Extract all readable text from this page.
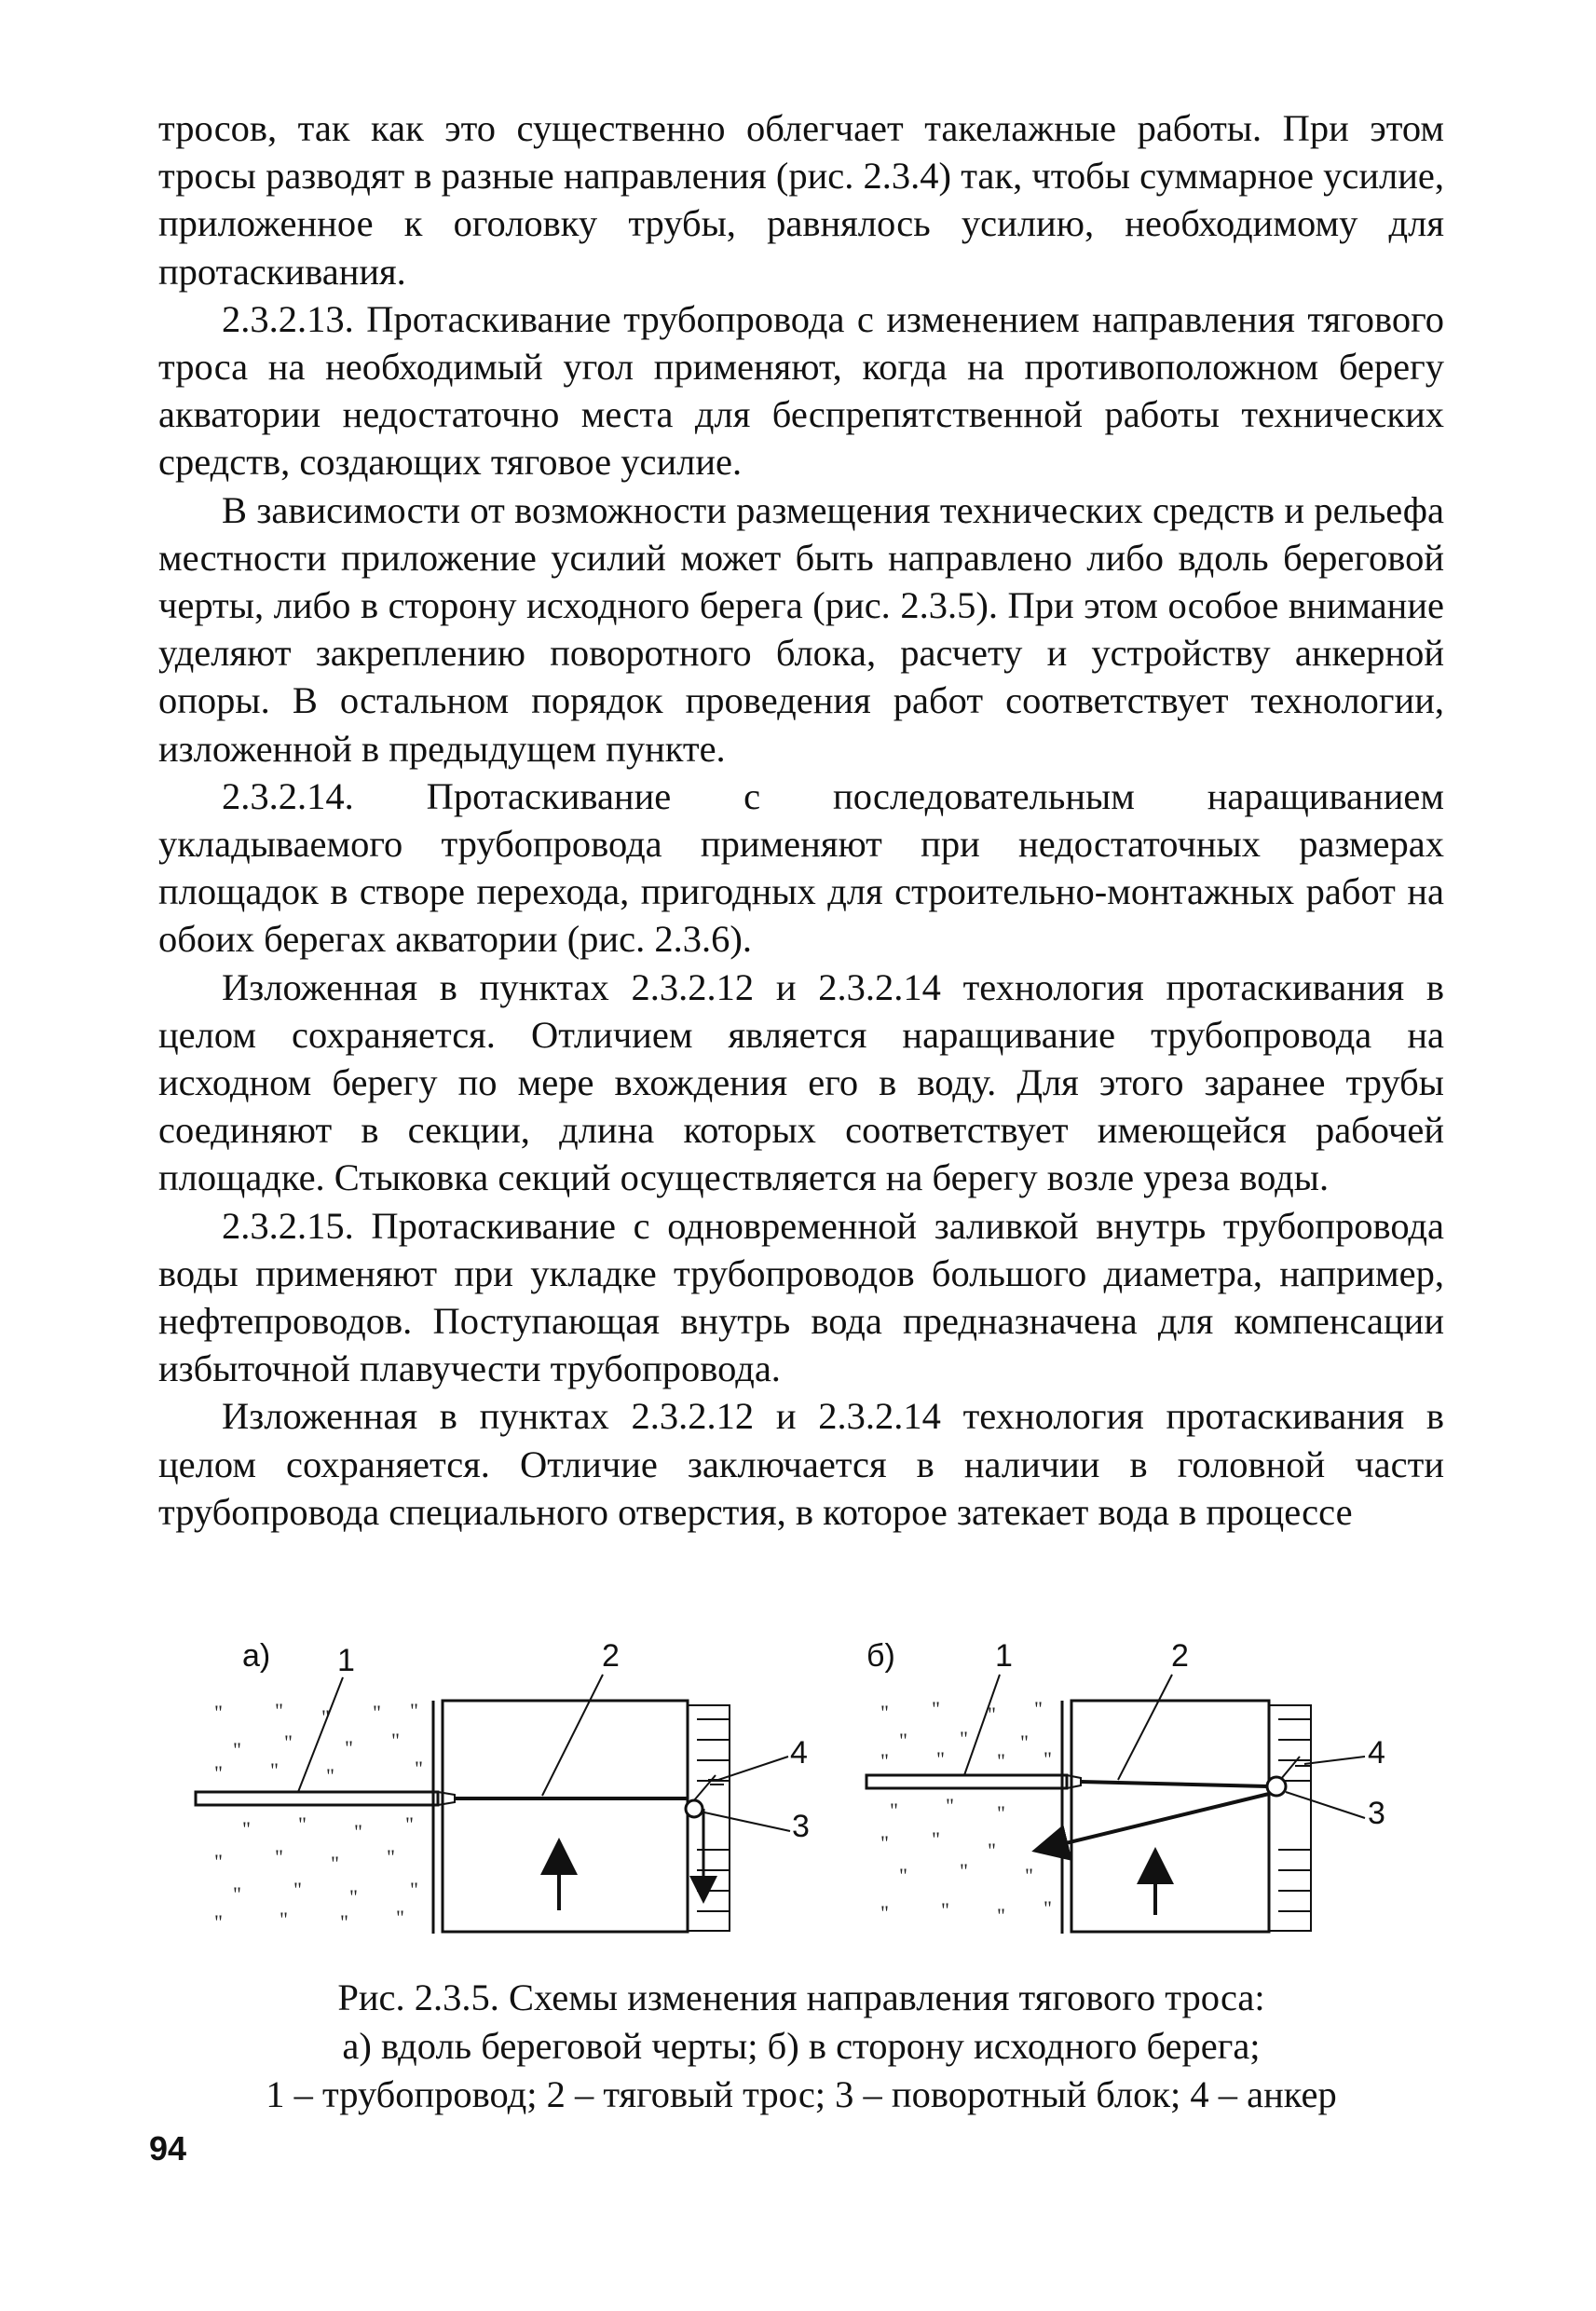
тросов, так как это существенно облегчает такелажные работы. При этом тросы разводят в разные направления (рис. 2.3.4) так, чтобы суммарное усилие, приложенное к оголовку трубы, равнялось усилию, необходимому для протаскивания.

2.3.2.13. Протаскивание трубопровода с изменением направления тягового троса на необходимый угол применяют, когда на противоположном берегу акватории недостаточно места для беспрепятственной работы технических средств, создающих тяговое усилие.

В зависимости от возможности размещения технических средств и рельефа местности приложение усилий может быть направлено либо вдоль береговой черты, либо в сторону исходного берега (рис. 2.3.5). При этом особое внимание уделяют закреплению поворотного блока, расчету и устройству анкерной опоры. В остальном порядок проведения работ соответствует технологии, изложенной в предыдущем пункте.

2.3.2.14. Протаскивание с последовательным наращиванием укладываемого трубопровода применяют при недостаточных размерах площадок в створе перехода, пригодных для строительно-монтажных работ на обоих берегах акватории (рис. 2.3.6).

Изложенная в пунктах 2.3.2.12 и 2.3.2.14 технология протаскивания в целом сохраняется. Отличием является наращивание трубопровода на исходном берегу по мере вхождения его в воду. Для этого заранее трубы соединяют в секции, длина которых соответствует имеющейся рабочей площадке. Стыковка секций осуществляется на берегу возле уреза воды.

2.3.2.15. Протаскивание с одновременной заливкой внутрь трубопровода воды применяют при укладке трубопроводов большого диаметра, например, нефтепроводов. Поступающая внутрь вода предназначена для компенсации избыточной плавучести трубопровода.

Изложенная в пунктах 2.3.2.12 и 2.3.2.14 технология протаскивания в целом сохраняется. Отличие заключается в наличии в головной части трубопровода специального отверстия, в которое затекает вода в процессе

а) 1	2
4
3
"	" " " "
" "	" "
" " "	"
" " " "
"	" " "
"	" "	"
"	"	" "
б)	1	2
4
3
" " " "
"	"	"
" "	" "
" " "
" " "
"	"	"
"	" " "
Рис. 2.3.5. Схемы изменения направления тягового троса:
а) вдоль береговой черты; б) в сторону исходного берега;
1 – трубопровод; 2 – тяговый трос; 3 – поворотный блок; 4 – анкер
94
